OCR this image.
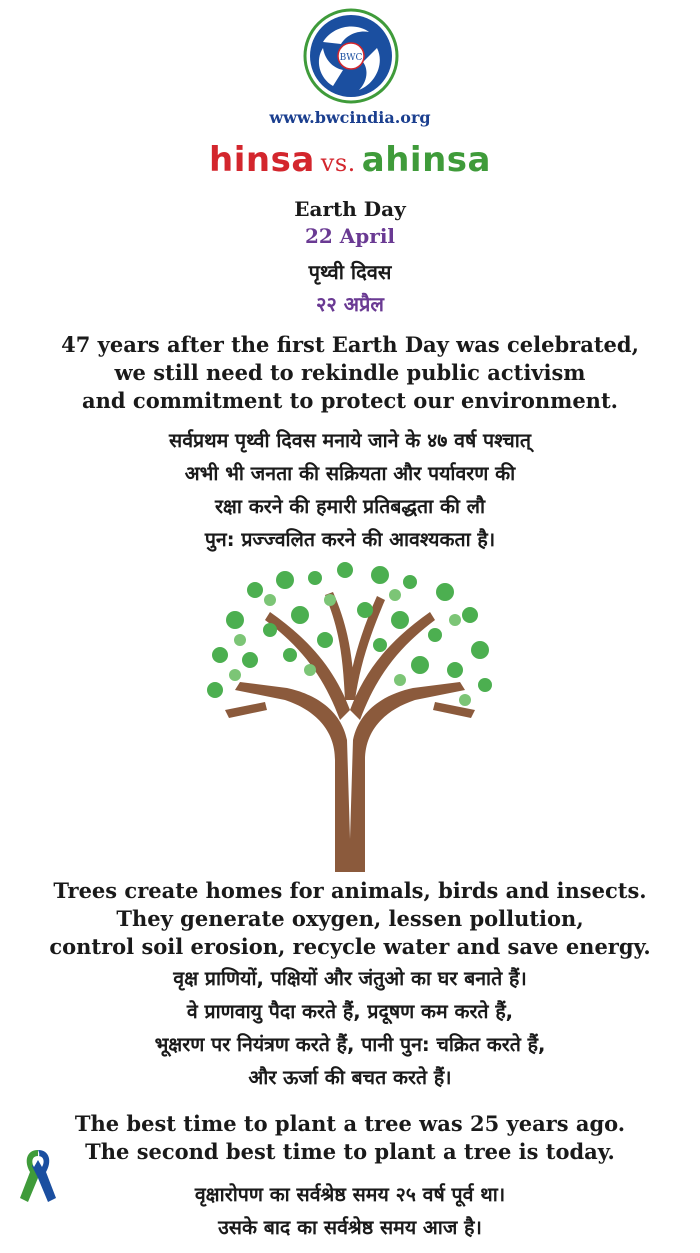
BWC
www.bwcindia.org
hinsa vs. ahinsa
Earth Day
22 April
पृथ्वी दिवस
२२ अप्रैल
47 years after the first Earth Day was celebrated,
we still need to rekindle public activism
and commitment to protect our environment.
सर्वप्रथम पृथ्वी दिवस मनाये जाने के ४७ वर्ष पश्चात्
अभी भी जनता की सक्रियता और पर्यावरण की
रक्षा करने की हमारी प्रतिबद्धता की लौ
पुन: प्रज्ज्वलित करने की आवश्यकता है।
Trees create homes for animals, birds and insects.
They generate oxygen, lessen pollution,
control soil erosion, recycle water and save energy.
वृक्ष प्राणियों, पक्षियों और जंतुओ का घर बनाते हैं।
वे प्राणवायु पैदा करते हैं, प्रदूषण कम करते हैं,
भूक्षरण पर नियंत्रण करते हैं, पानी पुन: चक्रित करते हैं,
और ऊर्जा की बचत करते हैं।
The best time to plant a tree was 25 years ago.
The second best time to plant a tree is today.
वृक्षारोपण का सर्वश्रेष्ठ समय २५ वर्ष पूर्व था।
उसके बाद का सर्वश्रेष्ठ समय आज है।
